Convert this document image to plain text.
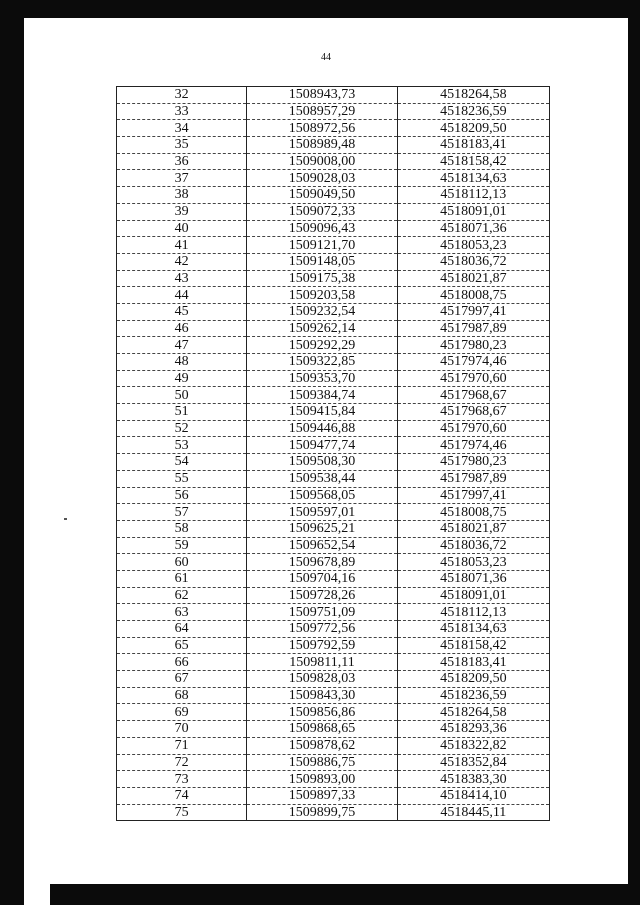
44
32	1508943,73	4518264,58
33	1508957,29	4518236,59
34	1508972,56	4518209,50
35	1508989,48	4518183,41
36	1509008,00	4518158,42
37	1509028,03	4518134,63
38	1509049,50	4518112,13
39	1509072,33	4518091,01
40	1509096,43	4518071,36
41	1509121,70	4518053,23
42	1509148,05	4518036,72
43	1509175,38	4518021,87
44	1509203,58	4518008,75
45	1509232,54	4517997,41
46	1509262,14	4517987,89
47	1509292,29	4517980,23
48	1509322,85	4517974,46
49	1509353,70	4517970,60
50	1509384,74	4517968,67
51	1509415,84	4517968,67
52	1509446,88	4517970,60
53	1509477,74	4517974,46
54	1509508,30	4517980,23
55	1509538,44	4517987,89
56	1509568,05	4517997,41
57	1509597,01	4518008,75
58	1509625,21	4518021,87
59	1509652,54	4518036,72
60	1509678,89	4518053,23
61	1509704,16	4518071,36
62	1509728,26	4518091,01
63	1509751,09	4518112,13
64	1509772,56	4518134,63
65	1509792,59	4518158,42
66	1509811,11	4518183,41
67	1509828,03	4518209,50
68	1509843,30	4518236,59
69	1509856,86	4518264,58
70	1509868,65	4518293,36
71	1509878,62	4518322,82
72	1509886,75	4518352,84
73	1509893,00	4518383,30
74	1509897,33	4518414,10
75	1509899,75	4518445,11
